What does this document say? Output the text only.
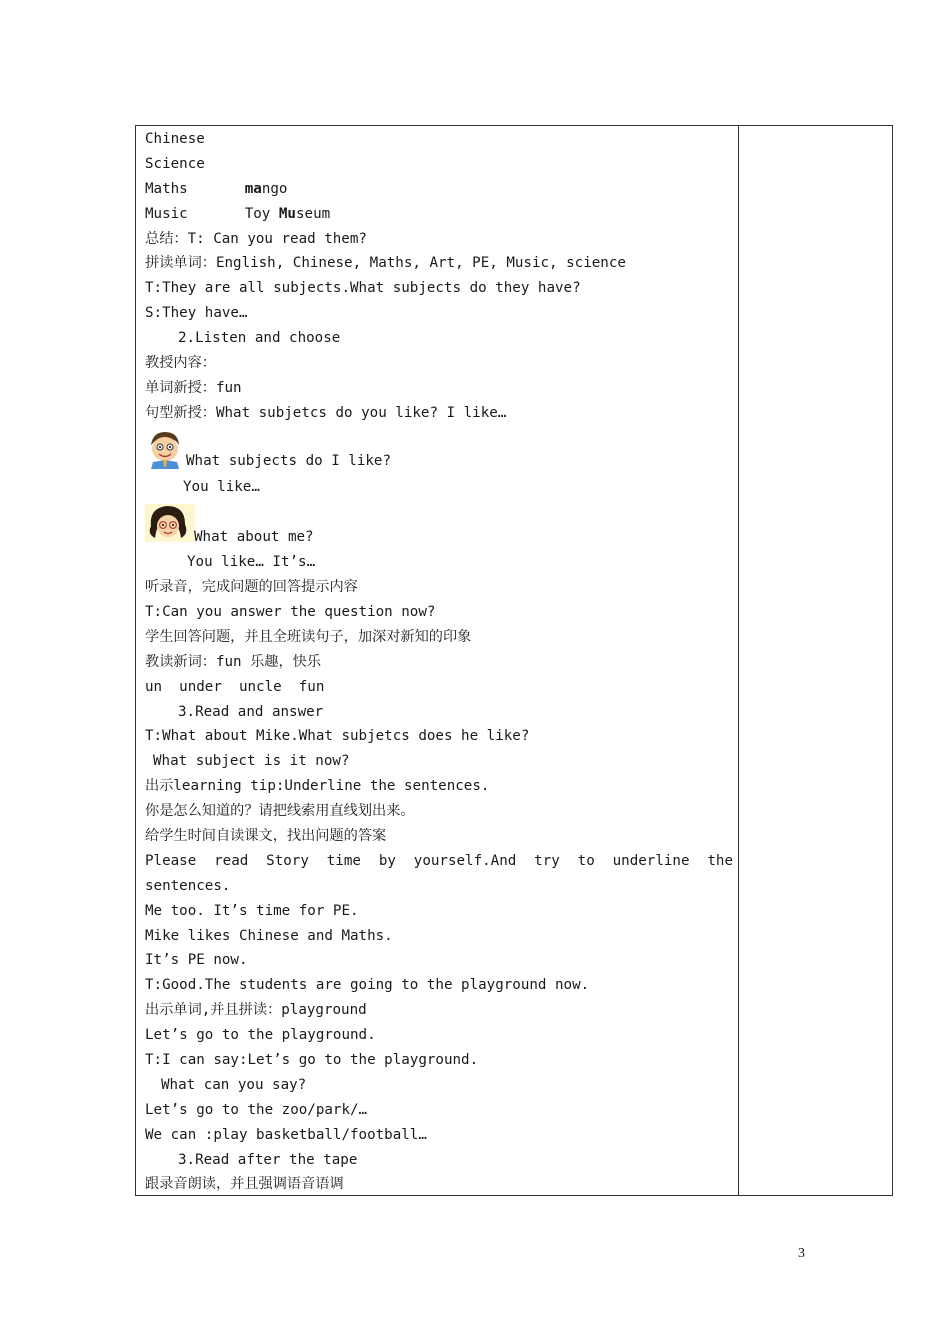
Chinese
Science
Maths	mango
Music	Toy Museum
总结：T: Can you read them?
拼读单词：English, Chinese, Maths, Art, PE, Music, science
T:They are all subjects.What subjects do they have?
S:They have…
2.Listen and choose
教授内容：
单词新授：fun
句型新授：What subjetcs do you like? I like…
What subjects do I like?
You like…
What about me?
You like… It’s…
听录音，完成问题的回答提示内容
T:Can you answer the question now?
学生回答问题，并且全班读句子，加深对新知的印象
教读新词：fun 乐趣，快乐
un  under  uncle  fun
3.Read and answer
T:What about Mike.What subjetcs does he like?
What subject is it now?
出示learning tip:Underline the sentences.
你是怎么知道的？请把线索用直线划出来。
给学生时间自读课文，找出问题的答案
Please read Story time by yourself.And try to underline the
sentences.
Me too. It’s time for PE.
Mike likes Chinese and Maths.
It’s PE now.
T:Good.The students are going to the playground now.
出示单词,并且拼读：playground
Let’s go to the playground.
T:I can say:Let’s go to the playground.
What can you say?
Let’s go to the zoo/park/…
We can :play basketball/football…
3.Read after the tape
跟录音朗读，并且强调语音语调
3
